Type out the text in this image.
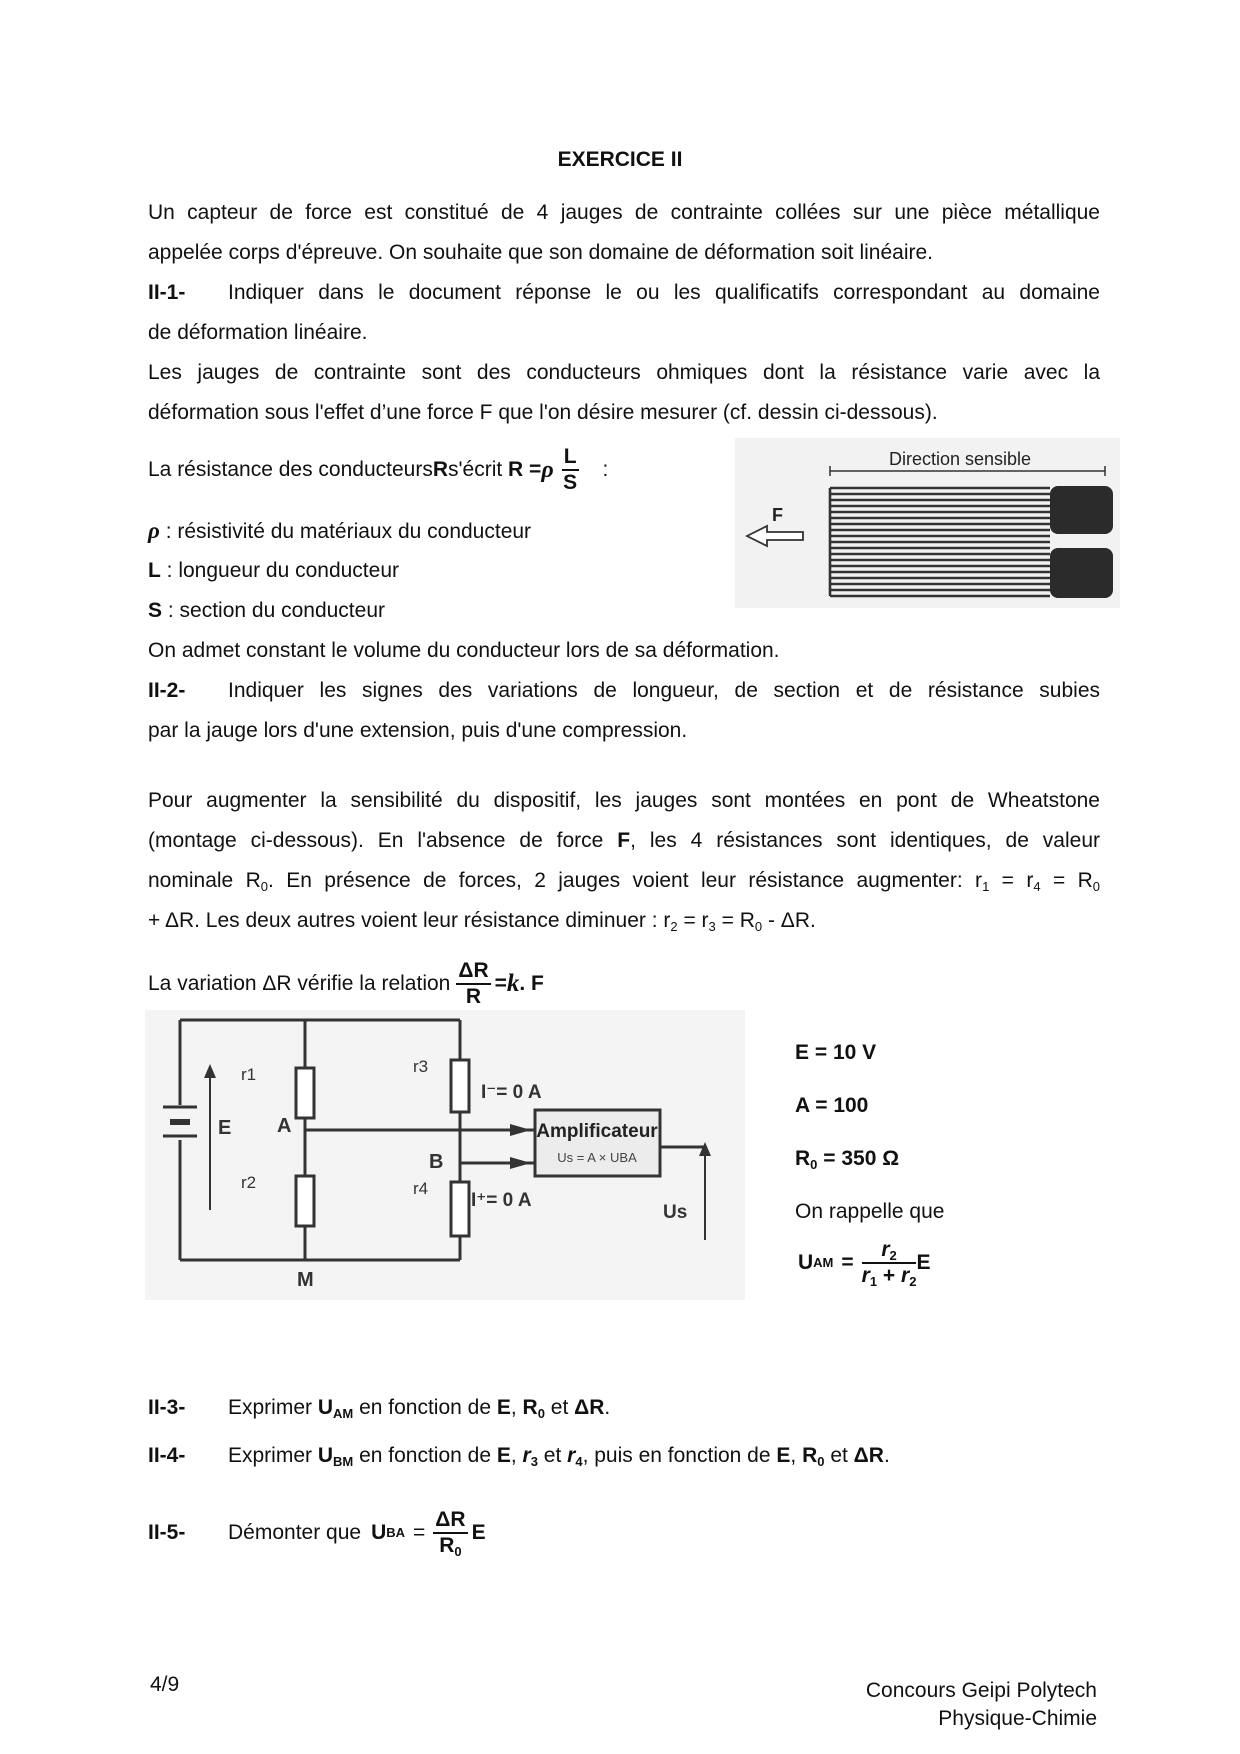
EXERCICE II
Un capteur de force est constitué de 4 jauges de contrainte collées sur une pièce métallique
appelée corps d'épreuve. On souhaite que son domaine de déformation soit linéaire.
II-1- Indiquer dans le document réponse le ou les qualificatifs correspondant au domaine
de déformation linéaire.
Les jauges de contrainte sont des conducteurs ohmiques dont la résistance varie avec la
déformation sous l'effet d’une force F que l'on désire mesurer (cf. dessin ci-dessous).
La résistance des conducteurs R s'écrit
R = ρ $\frac{L}{S}$ :
ρ : résistivité du matériaux du conducteur
L : longueur du conducteur
S : section du conducteur
On admet constant le volume du conducteur lors de sa déformation.
Direction sensible
F
II-2- Indiquer les signes des variations de longueur, de section et de résistance subies
par la jauge lors d'une extension, puis d'une compression.
Pour augmenter la sensibilité du dispositif, les jauges sont montées en pont de Wheatstone
(montage ci-dessous). En l'absence de force F, les 4 résistances sont identiques, de valeur
nominale $R_0$. En présence de forces, 2 jauges voient leur résistance augmenter: $r_1 = r_4 = R_0$
+ ΔR. Les deux autres voient leur résistance diminuer : $r_2 = r_3 = R_0 - \Delta R$.
La variation ΔR vérifie la relation $\frac{\Delta R}{R} = k$ . F
Amplificateur
Us = A × UBA
r1
r2
r3
r4
I⁻= 0 A
I⁺= 0 A
E A
B
M
Us
E = 10 V
A = 100
$R_0 = 350$ Ω
On rappelle que
U AM = $\frac{r_2}{r_1 + r_2}$ E
II-3- Exprimer $U_{AM}$ en fonction de E, $R_0$ et ΔR.
II-4- Exprimer $U_{BM}$ en fonction de E, $r_3$ et $r_4$, puis en fonction de E, $R_0$ et ΔR.
II-5-	Démonter que U BA = $\frac{\Delta R}{R_0}$ E
4/9	Concours Geipi Polytech
Physique-Chimie
